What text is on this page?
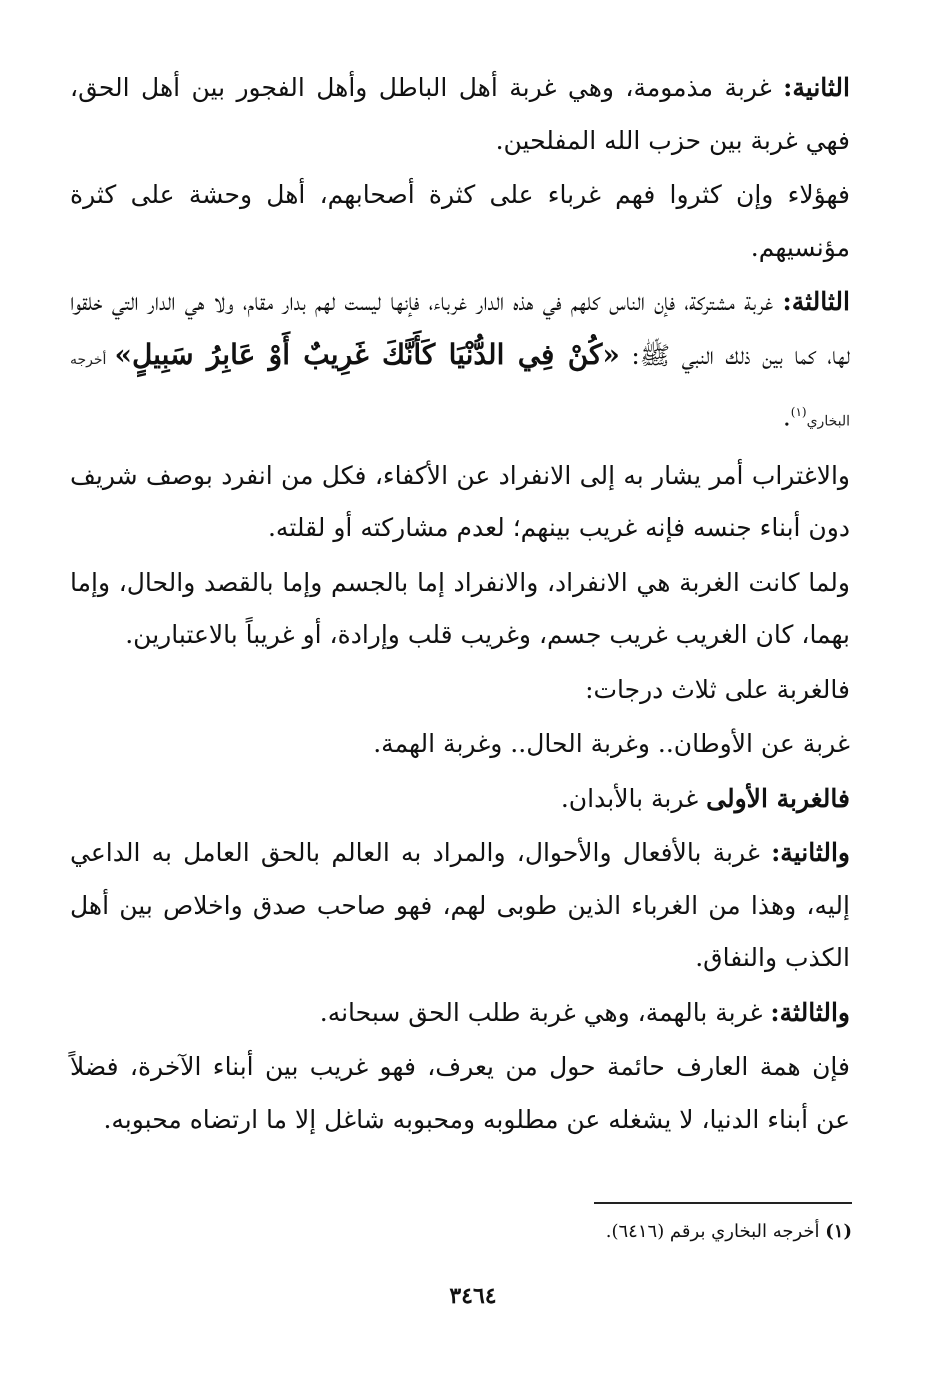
الثانية: غربة مذمومة، وهي غربة أهل الباطل وأهل الفجور بين أهل الحق، فهي غربة بين حزب الله المفلحين.

فهؤلاء وإن كثروا فهم غرباء على كثرة أصحابهم، أهل وحشة على كثرة مؤنسيهم.

الثالثة: غربة مشتركة، فإن الناس كلهم في هذه الدار غرباء، فإنها ليست لهم بدار مقام، ولا هي الدار التي خلقوا لها، كما بين ذلك النبي ﷺ: «كُنْ فِي الدُّنْيَا كَأَنَّكَ غَرِيبٌ أَوْ عَابِرُ سَبِيلٍ» أخرجه البخاري$^{(١)}$.

والاغتراب أمر يشار به إلى الانفراد عن الأكفاء، فكل من انفرد بوصف شريف دون أبناء جنسه فإنه غريب بينهم؛ لعدم مشاركته أو لقلته.

ولما كانت الغربة هي الانفراد، والانفراد إما بالجسم وإما بالقصد والحال، وإما بهما، كان الغريب غريب جسم، وغريب قلب وإرادة، أو غريباً بالاعتبارين.

فالغربة على ثلاث درجات:

غربة عن الأوطان.. وغربة الحال.. وغربة الهمة.

فالغربة الأولى غربة بالأبدان.

والثانية: غربة بالأفعال والأحوال، والمراد به العالم بالحق العامل به الداعي إليه، وهذا من الغرباء الذين طوبى لهم، فهو صاحب صدق واخلاص بين أهل الكذب والنفاق.

والثالثة: غربة بالهمة، وهي غربة طلب الحق سبحانه.

فإن همة العارف حائمة حول من يعرف، فهو غريب بين أبناء الآخرة، فضلاً عن أبناء الدنيا، لا يشغله عن مطلوبه ومحبوبه شاغل إلا ما ارتضاه محبوبه.

(١) أخرجه البخاري برقم (٦٤١٦).
٣٤٦٤
